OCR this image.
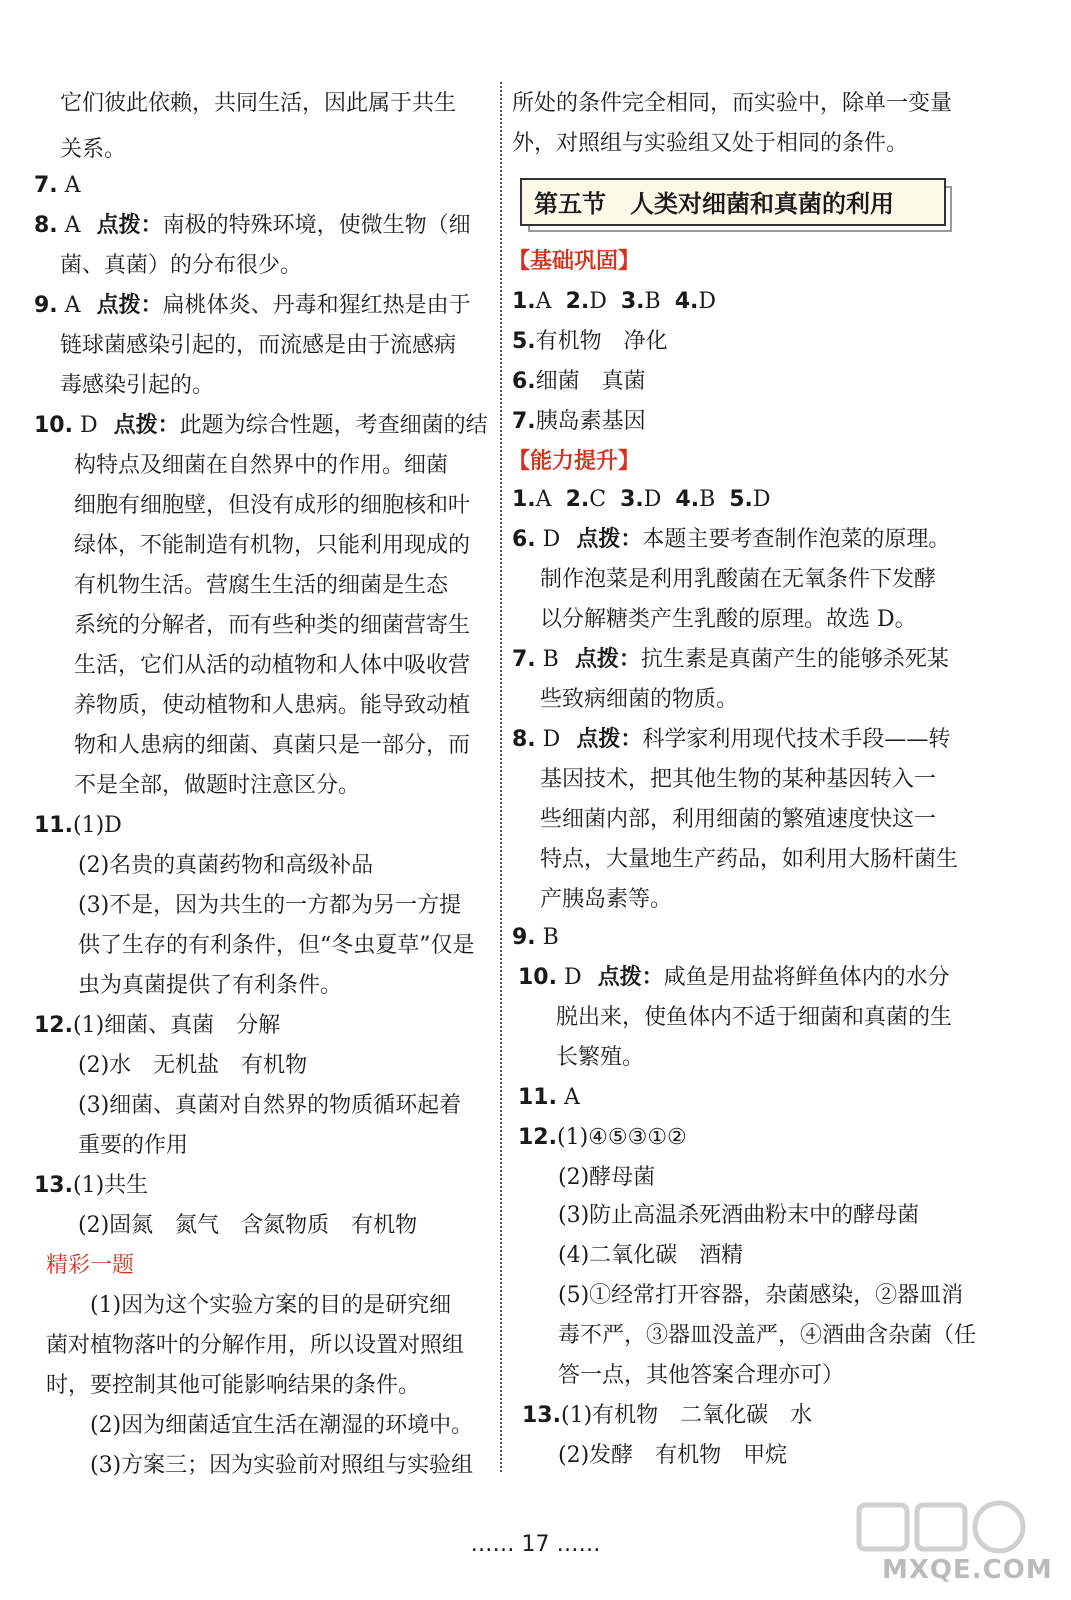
它们彼此依赖，共同生活，因此属于共生
关系。
7. A
8. A 点拨：南极的特殊环境，使微生物（细
菌、真菌）的分布很少。
9. A 点拨：扁桃体炎、丹毒和猩红热是由于
链球菌感染引起的，而流感是由于流感病
毒感染引起的。
10. D 点拨：此题为综合性题，考查细菌的结
构特点及细菌在自然界中的作用。细菌
细胞有细胞壁，但没有成形的细胞核和叶
绿体，不能制造有机物，只能利用现成的
有机物生活。营腐生生活的细菌是生态
系统的分解者，而有些种类的细菌营寄生
生活，它们从活的动植物和人体中吸收营
养物质，使动植物和人患病。能导致动植
物和人患病的细菌、真菌只是一部分，而
不是全部，做题时注意区分。
11.(1)D
(2)名贵的真菌药物和高级补品
(3)不是，因为共生的一方都为另一方提
供了生存的有利条件，但“冬虫夏草”仅是
虫为真菌提供了有利条件。
12.(1)细菌、真菌　分解
(2)水　无机盐　有机物
(3)细菌、真菌对自然界的物质循环起着
重要的作用
13.(1)共生
(2)固氮　氮气　含氮物质　有机物
精彩一题
(1)因为这个实验方案的目的是研究细
菌对植物落叶的分解作用，所以设置对照组
时，要控制其他可能影响结果的条件。
(2)因为细菌适宜生活在潮湿的环境中。
(3)方案三；因为实验前对照组与实验组
所处的条件完全相同，而实验中，除单一变量
外，对照组与实验组又处于相同的条件。
第五节　人类对细菌和真菌的利用
【基础巩固】
1.A 2.D 3.B 4.D
5.有机物　净化
6.细菌　真菌
7.胰岛素基因
【能力提升】
1.A 2.C 3.D 4.B 5.D
6. D 点拨：本题主要考查制作泡菜的原理。
制作泡菜是利用乳酸菌在无氧条件下发酵
以分解糖类产生乳酸的原理。故选 D。
7. B 点拨：抗生素是真菌产生的能够杀死某
些致病细菌的物质。
8. D 点拨：科学家利用现代技术手段——转
基因技术，把其他生物的某种基因转入一
些细菌内部，利用细菌的繁殖速度快这一
特点，大量地生产药品，如利用大肠杆菌生
产胰岛素等。
9. B
10. D 点拨：咸鱼是用盐将鲜鱼体内的水分
脱出来，使鱼体内不适于细菌和真菌的生
长繁殖。
11. A
12.(1)④⑤③①②
(2)酵母菌
(3)防止高温杀死酒曲粉末中的酵母菌
(4)二氧化碳　酒精
(5)①经常打开容器，杂菌感染，②器皿消
毒不严，③器皿没盖严，④酒曲含杂菌（任
答一点，其他答案合理亦可）
13.(1)有机物　二氧化碳　水
(2)发酵　有机物　甲烷
…… 17 ……
MXQE.COM
